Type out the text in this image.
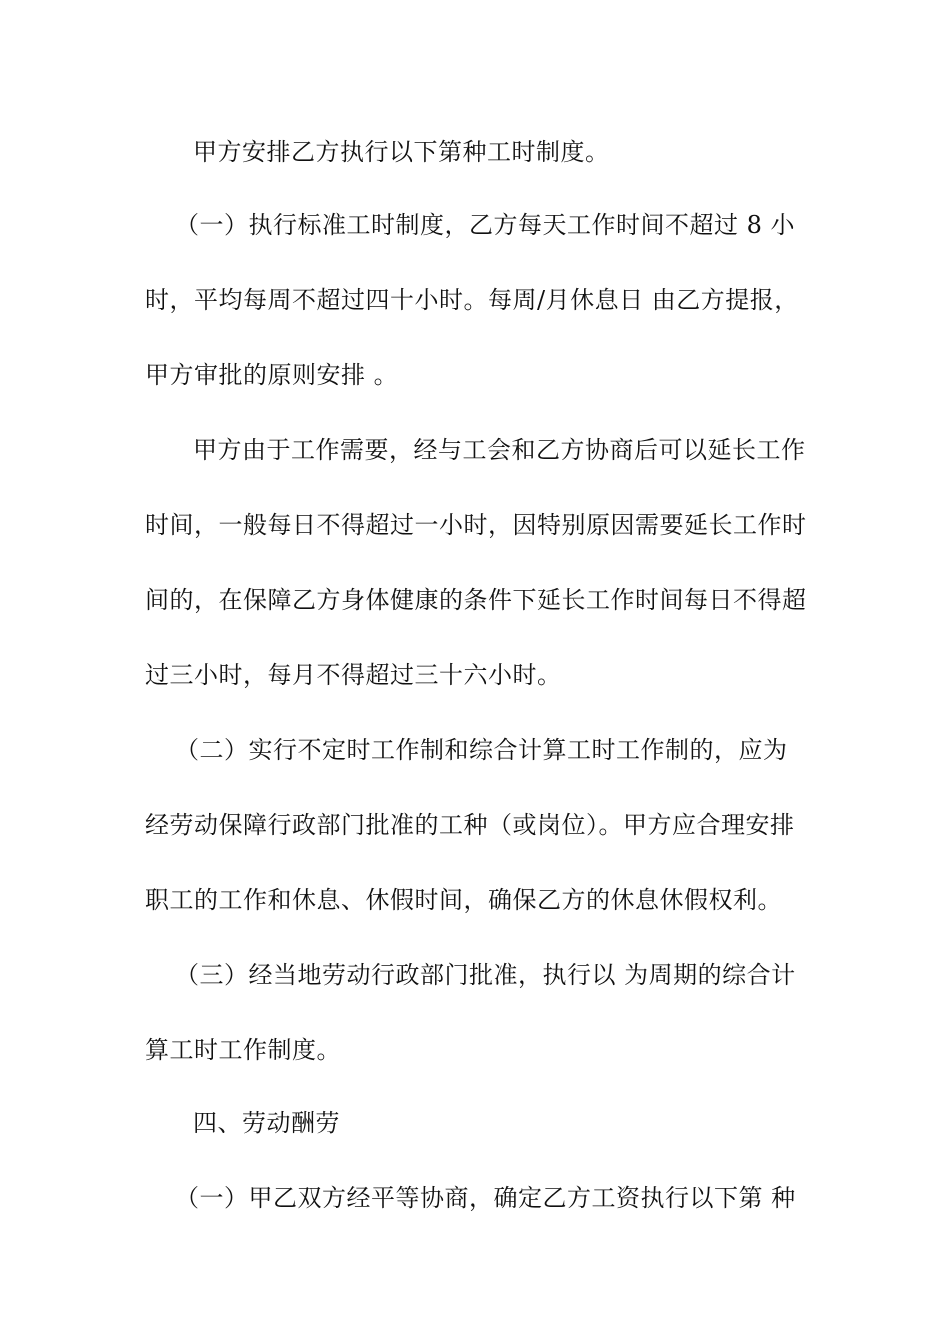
甲方安排乙方执行以下第种工时制度。
（一）执行标准工时制度，乙方每天工作时间不超过 8 小
时，平均每周不超过四十小时。每周/月休息日 由乙方提报，
甲方审批的原则安排 。
甲方由于工作需要，经与工会和乙方协商后可以延长工作
时间，一般每日不得超过一小时，因特别原因需要延长工作时
间的，在保障乙方身体健康的条件下延长工作时间每日不得超
过三小时，每月不得超过三十六小时。
（二）实行不定时工作制和综合计算工时工作制的，应为
经劳动保障行政部门批准的工种（或岗位）。甲方应合理安排
职工的工作和休息、休假时间，确保乙方的休息休假权利。
（三）经当地劳动行政部门批准，执行以 为周期的综合计
算工时工作制度。
四、劳动酬劳
（一）甲乙双方经平等协商，确定乙方工资执行以下第 种
